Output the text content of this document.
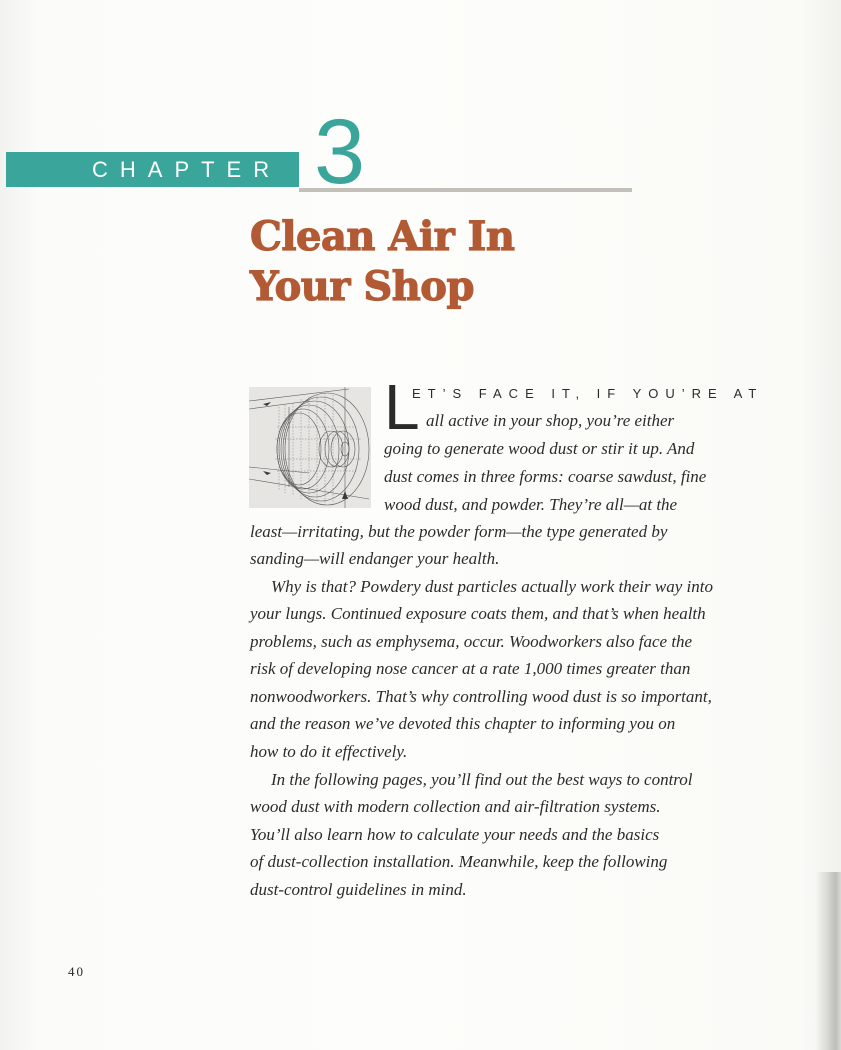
CHAPTER 3
Clean Air In
Your Shop
L
ET’S FACE IT, IF YOU’RE AT
all active in your shop, you’re either
going to generate wood dust or stir it up. And
dust comes in three forms: coarse sawdust, fine
wood dust, and powder. They’re all—at the
least—irritating, but the powder form—the type generated by
sanding—will endanger your health.
Why is that? Powdery dust particles actually work their way into
your lungs. Continued exposure coats them, and that’s when health
problems, such as emphysema, occur. Woodworkers also face the
risk of developing nose cancer at a rate 1,000 times greater than
nonwoodworkers. That’s why controlling wood dust is so important,
and the reason we’ve devoted this chapter to informing you on
how to do it effectively.
In the following pages, you’ll find out the best ways to control
wood dust with modern collection and air-filtration systems.
You’ll also learn how to calculate your needs and the basics
of dust-collection installation. Meanwhile, keep the following
dust-control guidelines in mind.
40
